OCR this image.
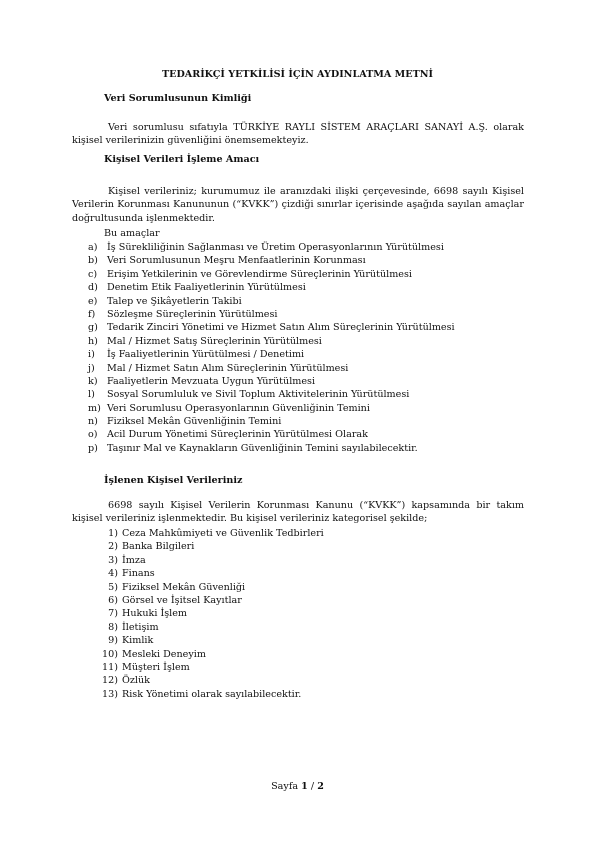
TEDARİKÇİ YETKİLİSİ İÇİN AYDINLATMA METNİ
Veri Sorumlusunun Kimliği
Veri sorumlusu sıfatıyla TÜRKİYE RAYLI SİSTEM ARAÇLARI SANAYİ A.Ş. olarak kişisel verilerinizin güvenliğini önemsemekteyiz.
Kişisel Verileri İşleme Amacı
Kişisel verileriniz; kurumumuz ile aranızdaki ilişki çerçevesinde, 6698 sayılı Kişisel Verilerin Korunması Kanununun (“KVKK”) çizdiği sınırlar içerisinde aşağıda sayılan amaçlar doğrultusunda işlenmektedir.
Bu amaçlar
a) İş Sürekliliğinin Sağlanması ve Üretim Operasyonlarının Yürütülmesi
b) Veri Sorumlusunun Meşru Menfaatlerinin Korunması
c)	Erişim Yetkilerinin ve Görevlendirme Süreçlerinin Yürütülmesi
d) Denetim Etik Faaliyetlerinin Yürütülmesi
e) Talep ve Şikâyetlerin Takibi
f)	Sözleşme Süreçlerinin Yürütülmesi
g) Tedarik Zinciri Yönetimi ve Hizmet Satın Alım Süreçlerinin Yürütülmesi
h) Mal / Hizmet Satış Süreçlerinin Yürütülmesi
i)	İş Faaliyetlerinin Yürütülmesi / Denetimi
j)	Mal / Hizmet Satın Alım Süreçlerinin Yürütülmesi
k) Faaliyetlerin Mevzuata Uygun Yürütülmesi
l)	Sosyal Sorumluluk ve Sivil Toplum Aktivitelerinin Yürütülmesi
m) Veri Sorumlusu Operasyonlarının Güvenliğinin Temini
n) Fiziksel Mekân Güvenliğinin Temini
o) Acil Durum Yönetimi Süreçlerinin Yürütülmesi Olarak
p) Taşınır Mal ve Kaynakların Güvenliğinin Temini sayılabilecektir.
İşlenen Kişisel Verileriniz
6698 sayılı Kişisel Verilerin Korunması Kanunu (“KVKK”) kapsamında bir takım kişisel verileriniz işlenmektedir. Bu kişisel verileriniz kategorisel şekilde;
1) Ceza Mahkûmiyeti ve Güvenlik Tedbirleri
2) Banka Bilgileri
3) İmza
4) Finans
5) Fiziksel Mekân Güvenliği
6) Görsel ve İşitsel Kayıtlar
7) Hukuki İşlem
8) İletişim
9) Kimlik
10) Mesleki Deneyim
11) Müşteri İşlem
12) Özlük
13) Risk Yönetimi olarak sayılabilecektir.
Sayfa 1 / 2
